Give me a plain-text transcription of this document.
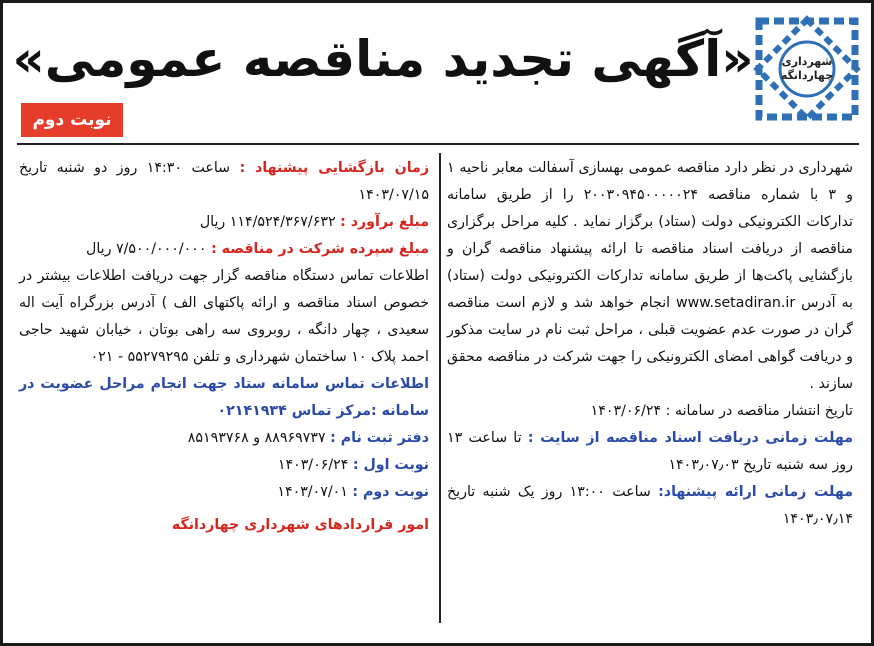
«آگهی تجدید مناقصه عمومی»	شهرداری چهاردانگه
نوبت دوم
شهرداری در نظر دارد مناقصه عمومی بهسازی آسفالت معابر ناحیه ۱ و ۳ با شماره مناقصه ۲۰۰۳۰۹۴۵۰۰۰۰۰۲۴ را از طریق سامانه تدارکات الکترونیکی دولت (ستاد) برگزار نماید . کلیه مراحل برگزاری مناقصه از دریافت اسناد مناقصه تا ارائه پیشنهاد مناقصه گران و بازگشایی پاکت‌ها از طریق سامانه تدارکات الکترونیکی دولت (ستاد) به آدرس www.setadiran.ir انجام خواهد شد و لازم است مناقصه گران در صورت عدم عضویت قبلی ، مراحل ثبت نام در سایت مذکور و دریافت گواهی امضای الکترونیکی را جهت شرکت در مناقصه محقق سازند .
تاریخ انتشار مناقصه در سامانه : ۱۴۰۳/۰۶/۲۴
مهلت زمانی دریافت اسناد مناقصه از سایت : تا ساعت ۱۳ روز سه شنبه تاریخ ۱۴۰۳٫۰۷٫۰۳
مهلت زمانی ارائه پیشنهاد: ساعت ۱۳:۰۰ روز یک شنبه تاریخ ۱۴۰۳٫۰۷٫۱۴
زمان بازگشایی پیشنهاد : ساعت ۱۴:۳۰ روز دو شنبه تاریخ ۱۴۰۳/۰۷/۱۵
مبلغ برآورد : ۱۱۴/۵۲۴/۳۶۷/۶۳۲ ریال
مبلغ سپرده شرکت در مناقصه : ۷/۵۰۰/۰۰۰/۰۰۰ ریال
اطلاعات تماس دستگاه مناقصه گزار جهت دریافت اطلاعات بیشتر در خصوص اسناد مناقصه و ارائه پاکتهای الف ) آدرس بزرگراه آیت اله سعیدی ، چهار دانگه ، روبروی سه راهی بوتان ، خیابان شهید حاجی احمد پلاک ۱۰ ساختمان شهرداری و تلفن ۵۵۲۷۹۲۹۵ - ۰۲۱
اطلاعات تماس سامانه ستاد جهت انجام مراحل عضویت در سامانه :مرکز تماس ۰۲۱۴۱۹۳۴
دفتر ثبت نام : ۸۸۹۶۹۷۳۷ و ۸۵۱۹۳۷۶۸
نوبت اول : ۱۴۰۳/۰۶/۲۴
نوبت دوم : ۱۴۰۳/۰۷/۰۱
امور قراردادهای شهرداری چهاردانگه
